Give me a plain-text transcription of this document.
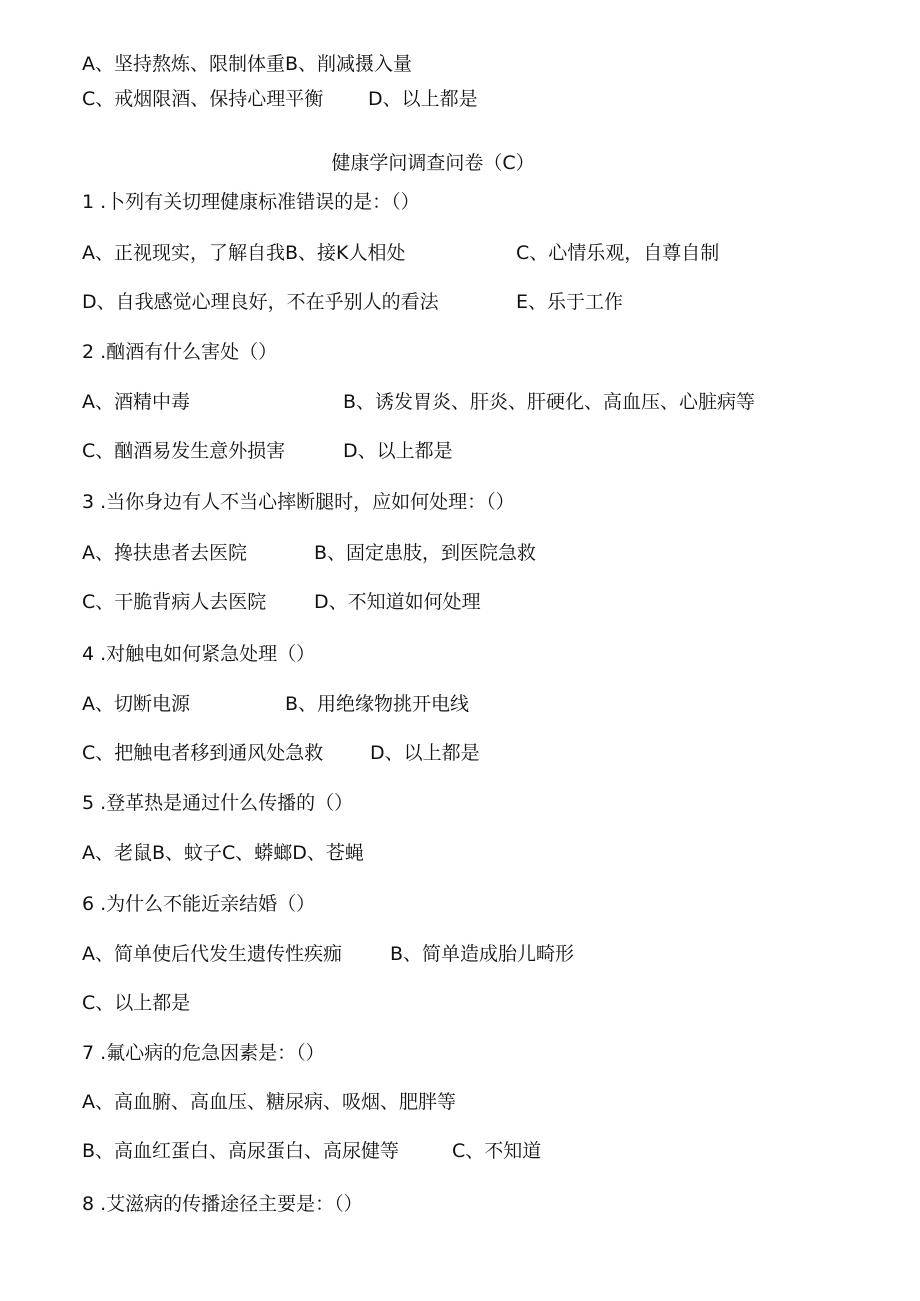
A、坚持熬炼、限制体重B、削减摄入量
C、戒烟限酒、保持心理平衡 D、以上都是
健康学问调查问卷（C）
1 .卜列有关切理健康标准错误的是：（）
A、正视现实，了解自我B、接K人相处	C、心情乐观，自尊自制
D、自我感觉心理良好，不在乎别人的看法	E、乐于工作
2 .酗酒有什么害处（）
A、酒精中毒	B、诱发胃炎、肝炎、肝硬化、高血压、心脏病等
C、酗酒易发生意外损害	D、以上都是
3 .当你身边有人不当心摔断腿时，应如何处理：（）
A、搀扶患者去医院	B、固定患肢，到医院急救
C、干脆背病人去医院	D、不知道如何处理
4 .对触电如何紧急处理（）
A、切断电源	B、用绝缘物挑开电线
C、把触电者移到通风处急救 D、以上都是
5 .登革热是通过什么传播的（）
A、老鼠B、蚊子C、蟒螂D、苍蝇
6 .为什么不能近亲结婚（）
A、简单使后代发生遗传性疾痂	B、简单造成胎儿畸形
C、以上都是
7 .氟心病的危急因素是：（）
A、高血腑、高血压、糖尿病、吸烟、肥胖等
B、高血红蛋白、高尿蛋白、高尿健等	C、不知道
8 .艾滋病的传播途径主要是：（）
